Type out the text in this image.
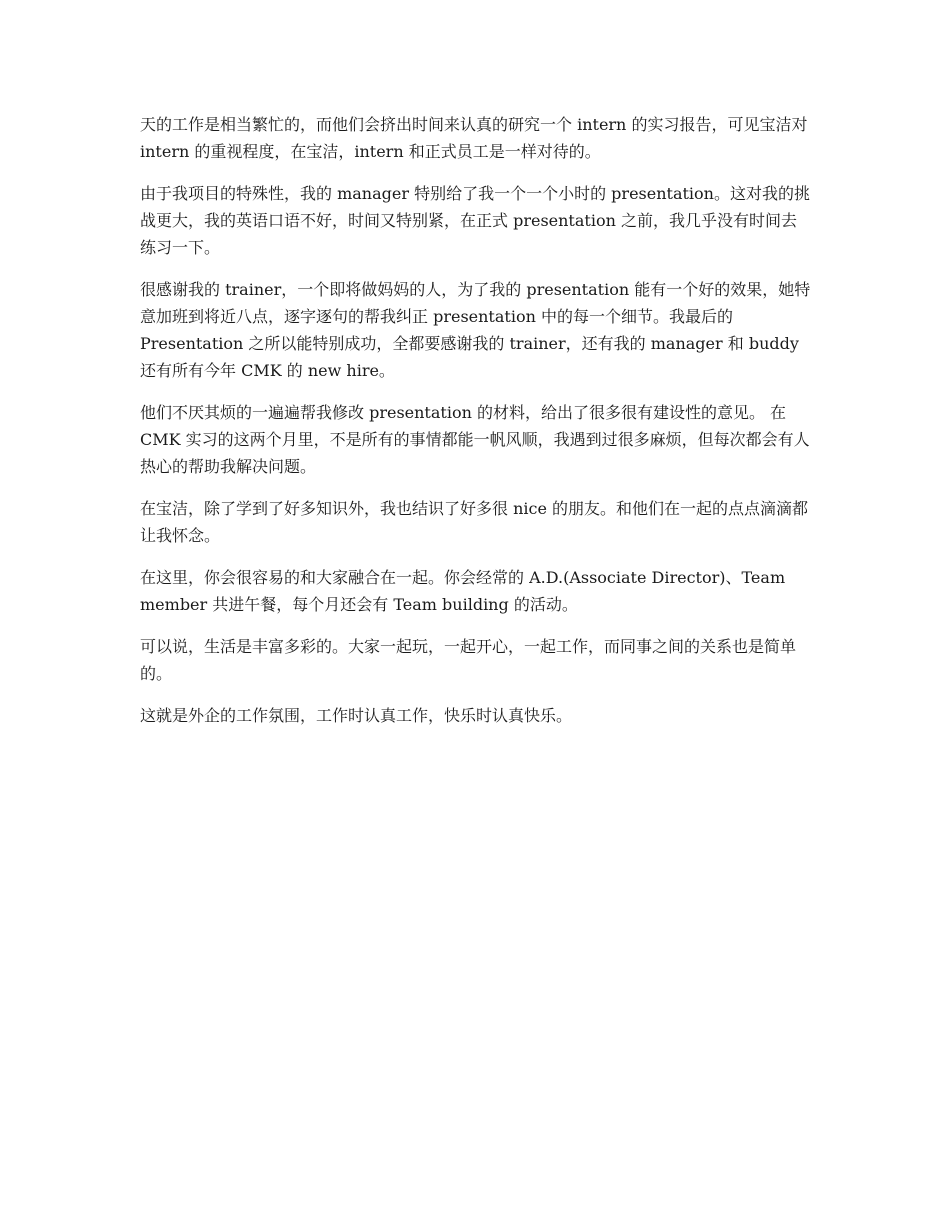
天的工作是相当繁忙的，而他们会挤出时间来认真的研究一个 intern 的实习报告，可见宝洁对 intern 的重视程度，在宝洁，intern 和正式员工是一样对待的。

由于我项目的特殊性，我的 manager 特别给了我一个一个小时的 presentation。这对我的挑战更大，我的英语口语不好，时间又特别紧，在正式 presentation 之前，我几乎没有时间去练习一下。

很感谢我的 trainer，一个即将做妈妈的人，为了我的 presentation 能有一个好的效果，她特意加班到将近八点，逐字逐句的帮我纠正 presentation 中的每一个细节。我最后的 Presentation 之所以能特别成功，全都要感谢我的 trainer，还有我的 manager 和 buddy 还有所有今年 CMK 的 new hire。

他们不厌其烦的一遍遍帮我修改 presentation 的材料，给出了很多很有建设性的意见。 在 CMK 实习的这两个月里，不是所有的事情都能一帆风顺，我遇到过很多麻烦，但每次都会有人热心的帮助我解决问题。

在宝洁，除了学到了好多知识外，我也结识了好多很 nice 的朋友。和他们在一起的点点滴滴都让我怀念。

在这里，你会很容易的和大家融合在一起。你会经常的 A.D.(Associate Director)、Team member 共进午餐，每个月还会有 Team building 的活动。

可以说，生活是丰富多彩的。大家一起玩，一起开心，一起工作，而同事之间的关系也是简单的。

这就是外企的工作氛围，工作时认真工作，快乐时认真快乐。
